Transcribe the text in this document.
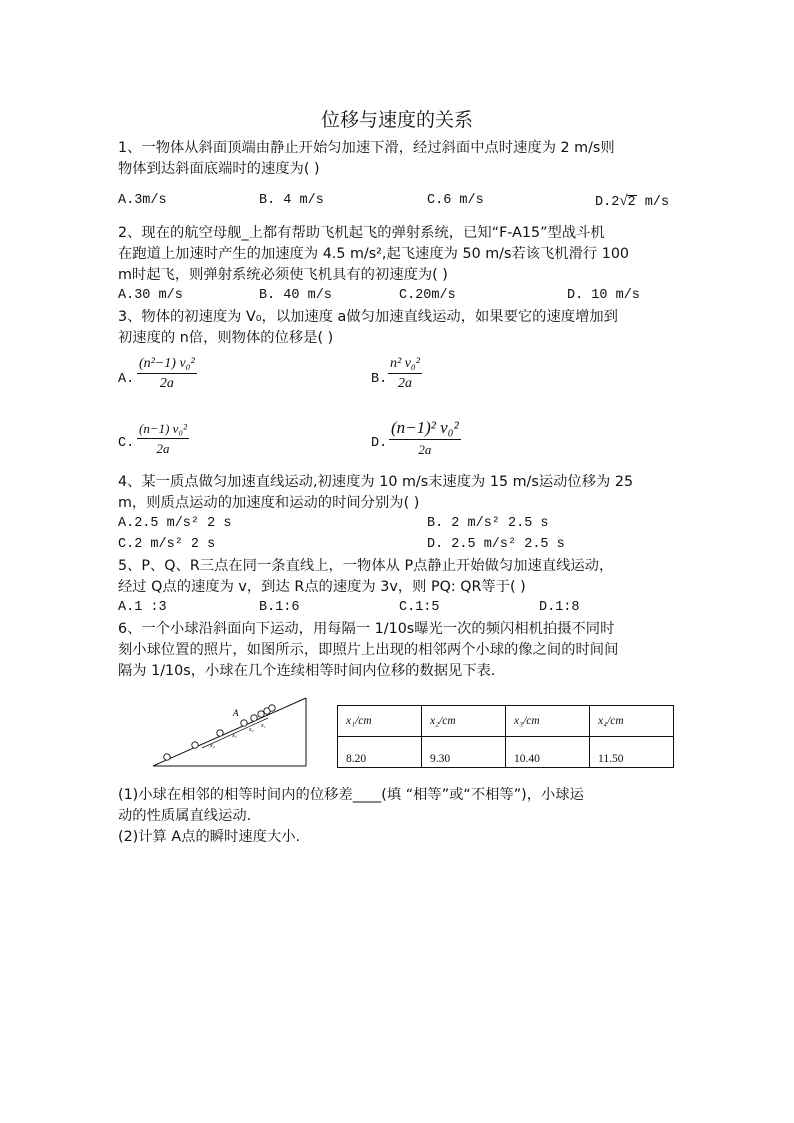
位移与速度的关系
1、一物体从斜面顶端由静止开始匀加速下滑，经过斜面中点时速度为 2 m/s则
物体到达斜面底端时的速度为( )
A.3m/s	B. 4 m/s	C.6 m/s	D.2√2 m/s
2、现在的航空母舰_上都有帮助飞机起飞的弹射系统，已知“F-A15”型战斗机
在跑道上加速时产生的加速度为 4.5 m/s²,起飞速度为 50 m/s若该飞机滑行 100
m时起飞，则弹射系统必须使飞机具有的初速度为( )
A.30 m/s	B. 40 m/s	C.20m/s	D. 10 m/s
3、物体的初速度为 V₀，以加速度 a做匀加速直线运动，如果要它的速度增加到
初速度的 n倍，则物体的位移是( )
A. $\frac{\text{(n²−1) v₀²}}{2a}$	B. $\frac{\text{n² v₀²}}{2a}$
C. $\frac{\text{(n−1) v₀²}}{2a}$	D.
(n−1)² v₀²
2a
4、某一质点做匀加速直线运动,初速度为 10 m/s末速度为 15 m/s运动位移为 25
m，则质点运动的加速度和运动的时间分别为( )
A.2.5 m/s² 2 s	B. 2 m/s² 2.5 s
C.2 m/s² 2 s	D. 2.5 m/s² 2.5 s
5、P、Q、R三点在同一条直线上，一物体从 P点静止开始做匀加速直线运动，
经过 Q点的速度为 v，到达 R点的速度为 3v，则 PQ: QR等于( )
A.1 :3	B.1:6	C.1:5	D.1:8
6、一个小球沿斜面向下运动，用每隔一 1/10s曝光一次的频闪相机拍摄不同时
刻小球位置的照片，如图所示，即照片上出现的相邻两个小球的像之间的时间间
隔为 1/10s，小球在几个连续相等时间内位移的数据见下表.
A
x₁
x₂
x₃
x₄
x₁/cm	x₂/cm	x₃/cm	x₄/cm
8.20	9.30	10.40	11.50
(1)小球在相邻的相等时间内的位移差____(填 “相等”或“不相等”)，小球运
动的性质属直线运动.
(2)计算 A点的瞬时速度大小.
